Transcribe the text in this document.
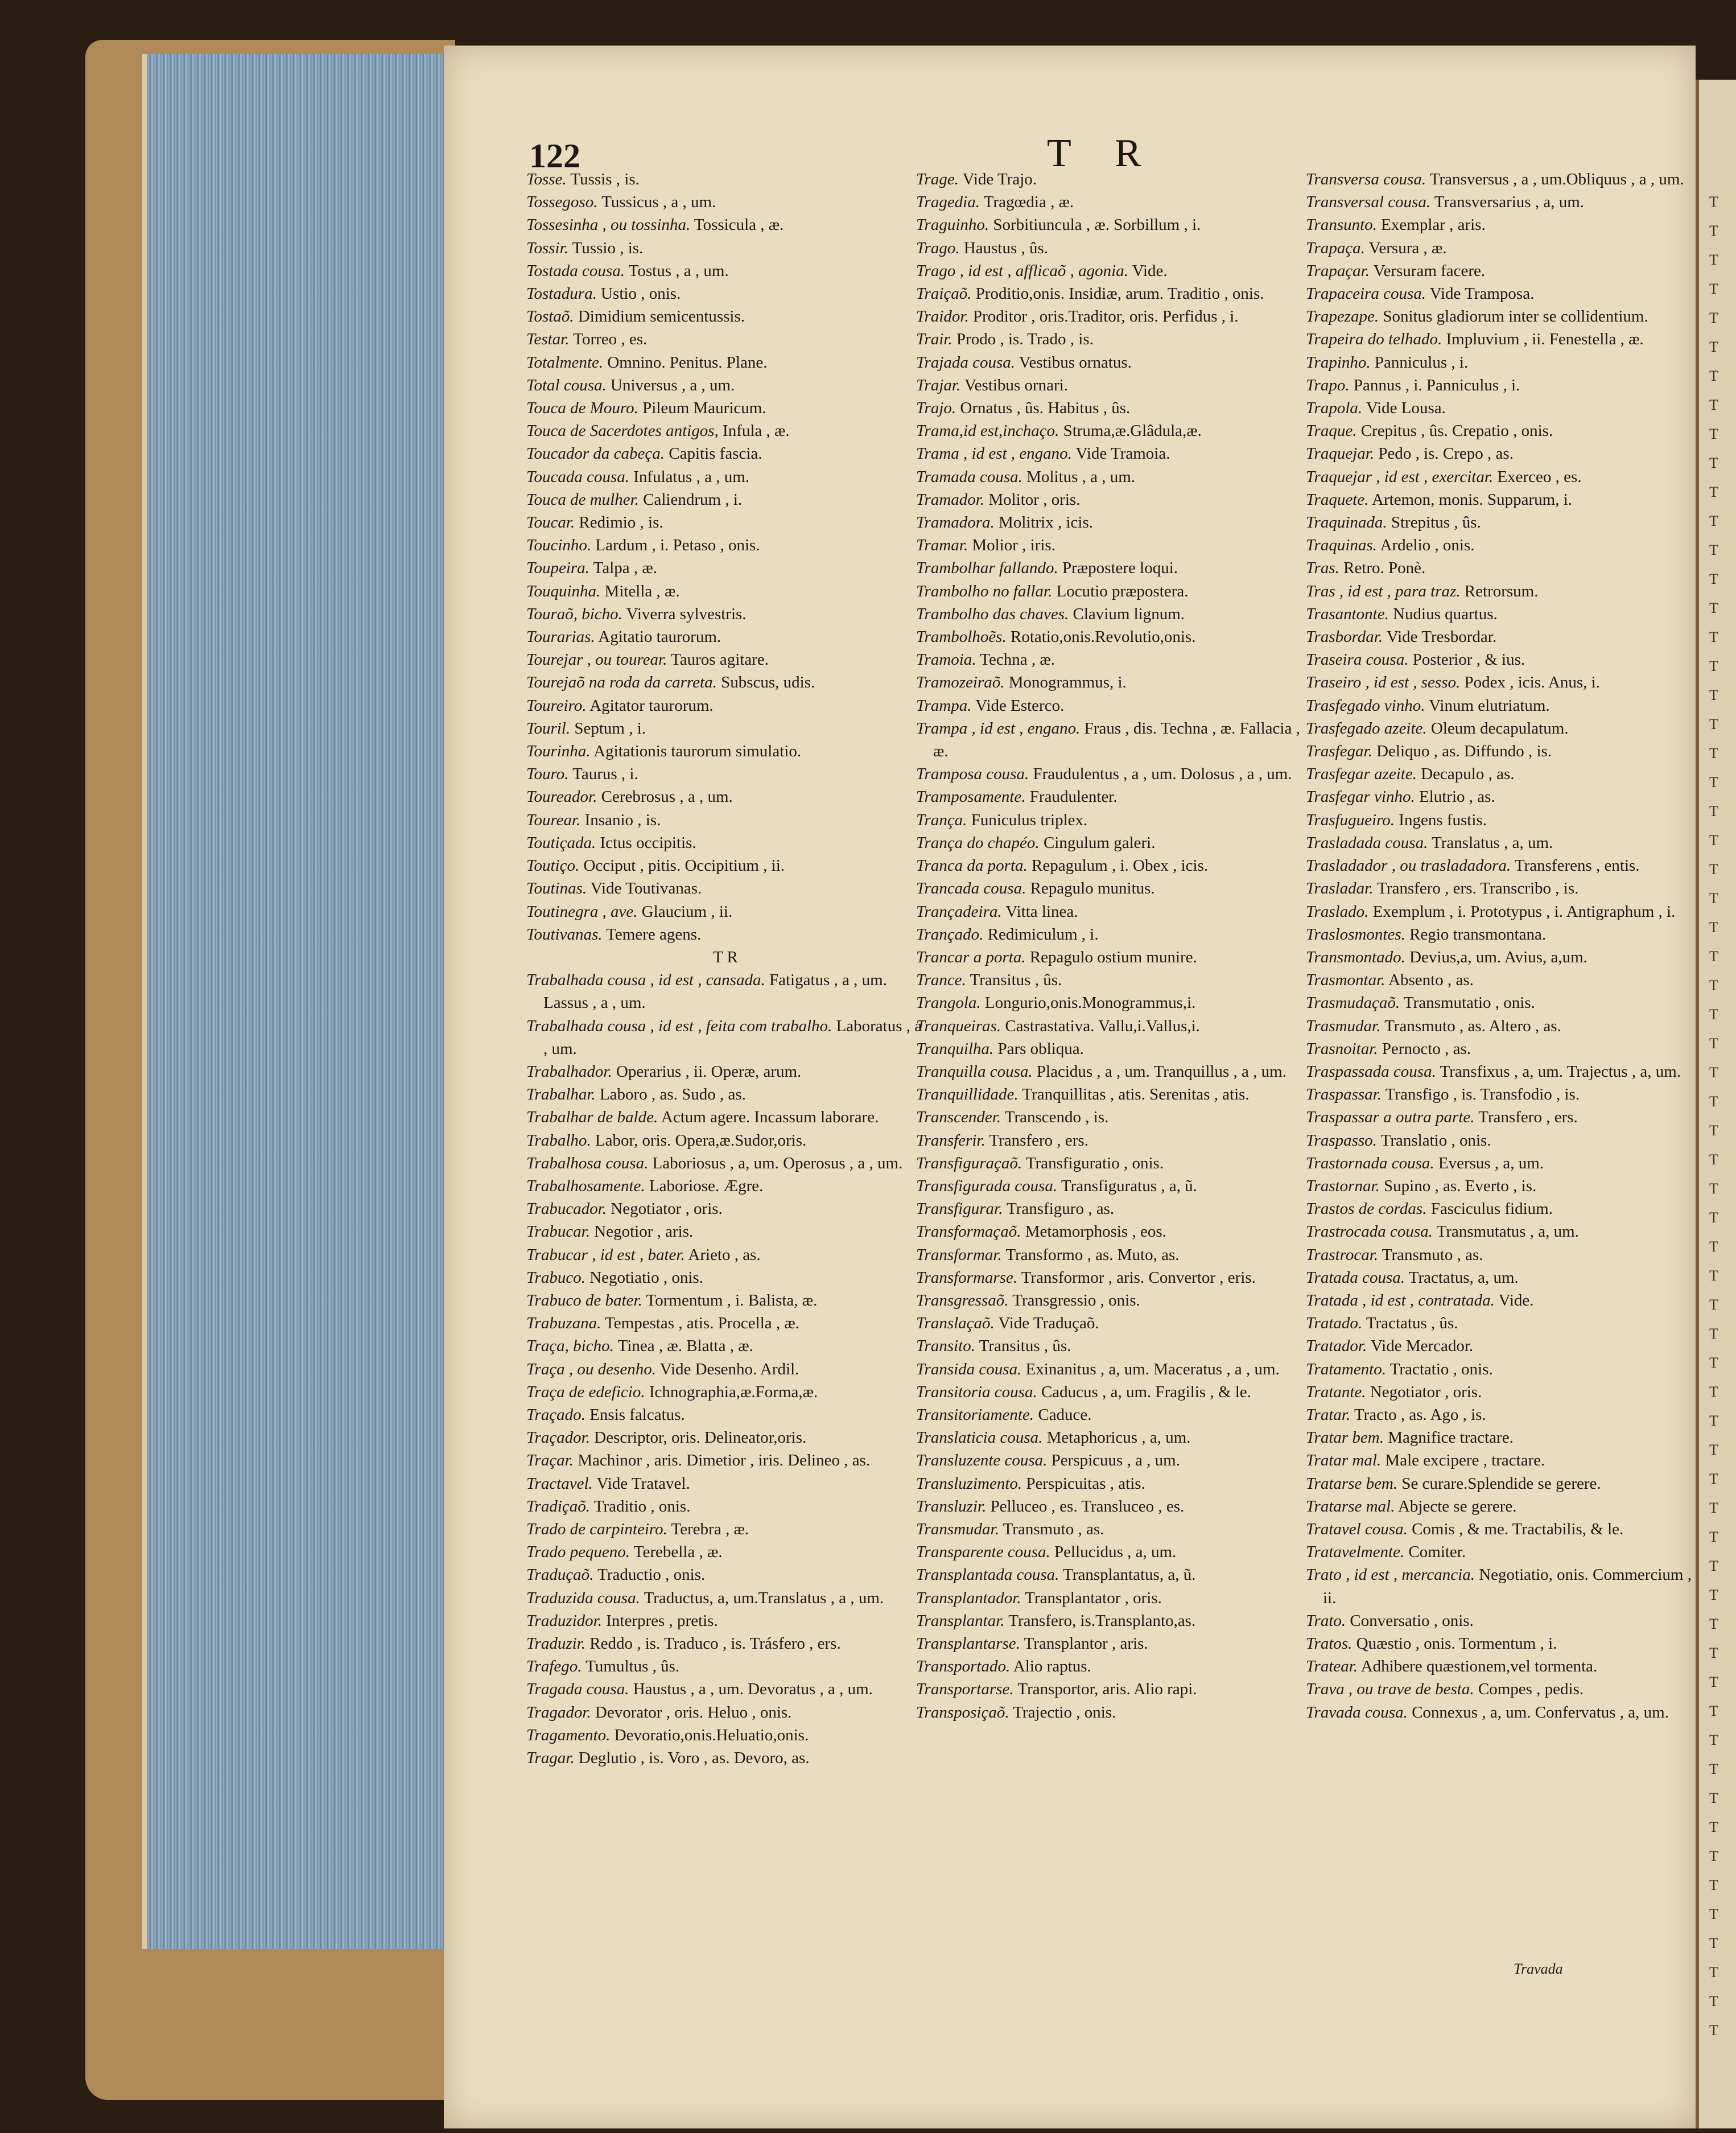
122	T R
Tosse. Tussis , is.
Tossegoso. Tussicus , a , um.
Tossesinha , ou tossinha. Tossicula , æ.
Tossir. Tussio , is.
Tostada cousa. Tostus , a , um.
Tostadura. Ustio , onis.
Tostaõ. Dimidium semicentussis.
Testar. Torreo , es.
Totalmente. Omnino. Penitus. Plane.
Total cousa. Universus , a , um.
Touca de Mouro. Pileum Mauricum.
Touca de Sacerdotes antigos, Infula , æ.
Toucador da cabeça. Capitis fascia.
Toucada cousa. Infulatus , a , um.
Touca de mulher. Caliendrum , i.
Toucar. Redimio , is.
Toucinho. Lardum , i. Petaso , onis.
Toupeira. Talpa , æ.
Touquinha. Mitella , æ.
Touraõ, bicho. Viverra sylvestris.
Tourarias. Agitatio taurorum.
Tourejar , ou tourear. Tauros agitare.
Tourejaõ na roda da carreta. Subscus, udis.
Toureiro. Agitator taurorum.
Touril. Septum , i.
Tourinha. Agitationis taurorum simulatio.
Touro. Taurus , i.
Toureador. Cerebrosus , a , um.
Tourear. Insanio , is.
Toutiçada. Ictus occipitis.
Toutiço. Occiput , pitis. Occipitium , ii.
Toutinas. Vide Toutivanas.
Toutinegra , ave. Glaucium , ii.
Toutivanas. Temere agens.
T R
Trabalhada cousa , id est , cansada. Fatigatus , a , um. Lassus , a , um.
Trabalhada cousa , id est , feita com trabalho. Laboratus , a , um.
Trabalhador. Operarius , ii. Operæ, arum.
Trabalhar. Laboro , as. Sudo , as.
Trabalhar de balde. Actum agere. Incassum laborare.
Trabalho. Labor, oris. Opera,æ.Sudor,oris.
Trabalhosa cousa. Laboriosus , a, um. Operosus , a , um.
Trabalhosamente. Laboriose. Ægre.
Trabucador. Negotiator , oris.
Trabucar. Negotior , aris.
Trabucar , id est , bater. Arieto , as.
Trabuco. Negotiatio , onis.
Trabuco de bater. Tormentum , i. Balista, æ.
Trabuzana. Tempestas , atis. Procella , æ.
Traça, bicho. Tinea , æ. Blatta , æ.
Traça , ou desenho. Vide Desenho. Ardil.
Traça de edeficio. Ichnographia,æ.Forma,æ.
Traçado. Ensis falcatus.
Traçador. Descriptor, oris. Delineator,oris.
Traçar. Machinor , aris. Dimetior , iris. Delineo , as.
Tractavel. Vide Tratavel.
Tradiçaõ. Traditio , onis.
Trado de carpinteiro. Terebra , æ.
Trado pequeno. Terebella , æ.
Traduçaõ. Traductio , onis.
Traduzida cousa. Traductus, a, um.Translatus , a , um.
Traduzidor. Interpres , pretis.
Traduzir. Reddo , is. Traduco , is. Trásfero , ers.
Trafego. Tumultus , ûs.
Tragada cousa. Haustus , a , um. Devoratus , a , um.
Tragador. Devorator , oris. Heluo , onis.
Tragamento. Devoratio,onis.Heluatio,onis.
Tragar. Deglutio , is. Voro , as. Devoro, as.
Trage. Vide Trajo.
Tragedia. Tragœdia , æ.
Traguinho. Sorbitiuncula , æ. Sorbillum , i.
Trago. Haustus , ûs.
Trago , id est , afflicaõ , agonia. Vide.
Traiçaõ. Proditio,onis. Insidiæ, arum. Traditio , onis.
Traidor. Proditor , oris.Traditor, oris. Perfidus , i.
Trair. Prodo , is. Trado , is.
Trajada cousa. Vestibus ornatus.
Trajar. Vestibus ornari.
Trajo. Ornatus , ûs. Habitus , ûs.
Trama,id est,inchaço. Struma,æ.Glâdula,æ.
Trama , id est , engano. Vide Tramoia.
Tramada cousa. Molitus , a , um.
Tramador. Molitor , oris.
Tramadora. Molitrix , icis.
Tramar. Molior , iris.
Trambolhar fallando. Præpostere loqui.
Trambolho no fallar. Locutio præpostera.
Trambolho das chaves. Clavium lignum.
Trambolhoẽs. Rotatio,onis.Revolutio,onis.
Tramoia. Techna , æ.
Tramozeiraõ. Monogrammus, i.
Trampa. Vide Esterco.
Trampa , id est , engano. Fraus , dis. Techna , æ. Fallacia , æ.
Tramposa cousa. Fraudulentus , a , um. Dolosus , a , um.
Tramposamente. Fraudulenter.
Trança. Funiculus triplex.
Trança do chapéo. Cingulum galeri.
Tranca da porta. Repagulum , i. Obex , icis.
Trancada cousa. Repagulo munitus.
Trançadeira. Vitta linea.
Trançado. Redimiculum , i.
Trancar a porta. Repagulo ostium munire.
Trance. Transitus , ûs.
Trangola. Longurio,onis.Monogrammus,i.
Tranqueiras. Castrastativa. Vallu,i.Vallus,i.
Tranquilha. Pars obliqua.
Tranquilla cousa. Placidus , a , um. Tranquillus , a , um.
Tranquillidade. Tranquillitas , atis. Serenitas , atis.
Transcender. Transcendo , is.
Transferir. Transfero , ers.
Transfiguraçaõ. Transfiguratio , onis.
Transfigurada cousa. Transfiguratus , a, ũ.
Transfigurar. Transfiguro , as.
Transformaçaõ. Metamorphosis , eos.
Transformar. Transformo , as. Muto, as.
Transformarse. Transformor , aris. Convertor , eris.
Transgressaõ. Transgressio , onis.
Translaçaõ. Vide Traduçaõ.
Transito. Transitus , ûs.
Transida cousa. Exinanitus , a, um. Maceratus , a , um.
Transitoria cousa. Caducus , a, um. Fragilis , & le.
Transitoriamente. Caduce.
Translaticia cousa. Metaphoricus , a, um.
Transluzente cousa. Perspicuus , a , um.
Transluzimento. Perspicuitas , atis.
Transluzir. Pelluceo , es. Transluceo , es.
Transmudar. Transmuto , as.
Transparente cousa. Pellucidus , a, um.
Transplantada cousa. Transplantatus, a, ũ.
Transplantador. Transplantator , oris.
Transplantar. Transfero, is.Transplanto,as.
Transplantarse. Transplantor , aris.
Transportado. Alio raptus.
Transportarse. Transportor, aris. Alio rapi.
Transposiçaõ. Trajectio , onis.
Transversa cousa. Transversus , a , um.Obliquus , a , um.
Transversal cousa. Transversarius , a, um.
Transunto. Exemplar , aris.
Trapaça. Versura , æ.
Trapaçar. Versuram facere.
Trapaceira cousa. Vide Tramposa.
Trapezape. Sonitus gladiorum inter se collidentium.
Trapeira do telhado. Impluvium , ii. Fenestella , æ.
Trapinho. Panniculus , i.
Trapo. Pannus , i. Panniculus , i.
Trapola. Vide Lousa.
Traque. Crepitus , ûs. Crepatio , onis.
Traquejar. Pedo , is. Crepo , as.
Traquejar , id est , exercitar. Exerceo , es.
Traquete. Artemon, monis. Supparum, i.
Traquinada. Strepitus , ûs.
Traquinas. Ardelio , onis.
Tras. Retro. Ponè.
Tras , id est , para traz. Retrorsum.
Trasantonte. Nudius quartus.
Trasbordar. Vide Tresbordar.
Traseira cousa. Posterior , & ius.
Traseiro , id est , sesso. Podex , icis. Anus, i.
Trasfegado vinho. Vinum elutriatum.
Trasfegado azeite. Oleum decapulatum.
Trasfegar. Deliquo , as. Diffundo , is.
Trasfegar azeite. Decapulo , as.
Trasfegar vinho. Elutrio , as.
Trasfugueiro. Ingens fustis.
Trasladada cousa. Translatus , a, um.
Trasladador , ou trasladadora. Transferens , entis.
Trasladar. Transfero , ers. Transcribo , is.
Traslado. Exemplum , i. Prototypus , i. Antigraphum , i.
Traslosmontes. Regio transmontana.
Transmontado. Devius,a, um. Avius, a,um.
Trasmontar. Absento , as.
Trasmudaçaõ. Transmutatio , onis.
Trasmudar. Transmuto , as. Altero , as.
Trasnoitar. Pernocto , as.
Traspassada cousa. Transfixus , a, um. Trajectus , a, um.
Traspassar. Transfigo , is. Transfodio , is.
Traspassar a outra parte. Transfero , ers.
Traspasso. Translatio , onis.
Trastornada cousa. Eversus , a, um.
Trastornar. Supino , as. Everto , is.
Trastos de cordas. Fasciculus fidium.
Trastrocada cousa. Transmutatus , a, um.
Trastrocar. Transmuto , as.
Tratada cousa. Tractatus, a, um.
Tratada , id est , contratada. Vide.
Tratado. Tractatus , ûs.
Tratador. Vide Mercador.
Tratamento. Tractatio , onis.
Tratante. Negotiator , oris.
Tratar. Tracto , as. Ago , is.
Tratar bem. Magnifice tractare.
Tratar mal. Male excipere , tractare.
Tratarse bem. Se curare.Splendide se gerere.
Tratarse mal. Abjecte se gerere.
Tratavel cousa. Comis , & me. Tractabilis, & le.
Tratavelmente. Comiter.
Trato , id est , mercancia. Negotiatio, onis. Commercium , ii.
Trato. Conversatio , onis.
Tratos. Quæstio , onis. Tormentum , i.
Tratear. Adhibere quæstionem,vel tormenta.
Trava , ou trave de besta. Compes , pedis.
Travada cousa. Connexus , a, um. Confervatus , a, um.
Travada
T
T
T
T
T
T
T
T
T
T
T
T
T
T
T
T
T
T
T
T
T
T
T
T
T
T
T
T
T
T
T
T
T
T
T
T
T
T
T
T
T
T
T
T
T
T
T
T
T
T
T
T
T
T
T
T
T
T
T
T
T
T
T
T
